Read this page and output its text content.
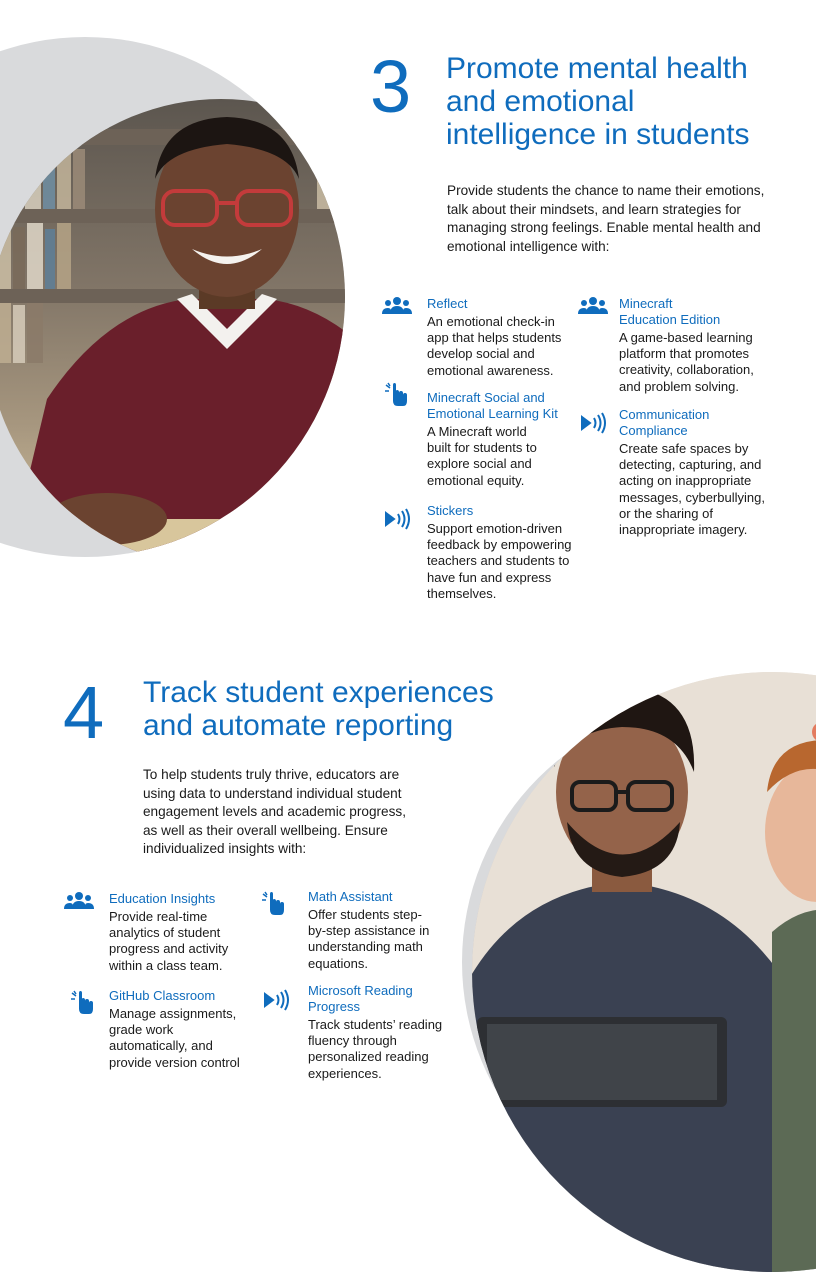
3 Promote mental health and emotional intelligence in students

Provide students the chance to name their emotions, talk about their mindsets, and learn strategies for managing strong feelings. Enable mental health and emotional intelligence with:

Reflect

An emotional check-in app that helps students develop social and emotional awareness.

Minecraft Social and Emotional Learning Kit

A Minecraft world built for students to explore social and emotional equity.

Stickers

Support emotion-driven feedback by empowering teachers and students to have fun and express themselves.

Minecraft Education Edition

A game-based learning platform that promotes creativity, collaboration, and problem solving.

Communication Compliance

Create safe spaces by detecting, capturing, and acting on inappropriate messages, cyberbullying, or the sharing of inappropriate imagery.

4 Track student experiences and automate reporting

To help students truly thrive, educators are using data to understand individual student engagement levels and academic progress, as well as their overall wellbeing. Ensure individualized insights with:

Education Insights

Provide real-time analytics of student progress and activity within a class team.

GitHub Classroom

Manage assignments, grade work automatically, and provide version control

Math Assistant

Offer students step-by-step assistance in understanding math equations.

Microsoft Reading Progress

Track students’ reading fluency through personalized reading experiences.
